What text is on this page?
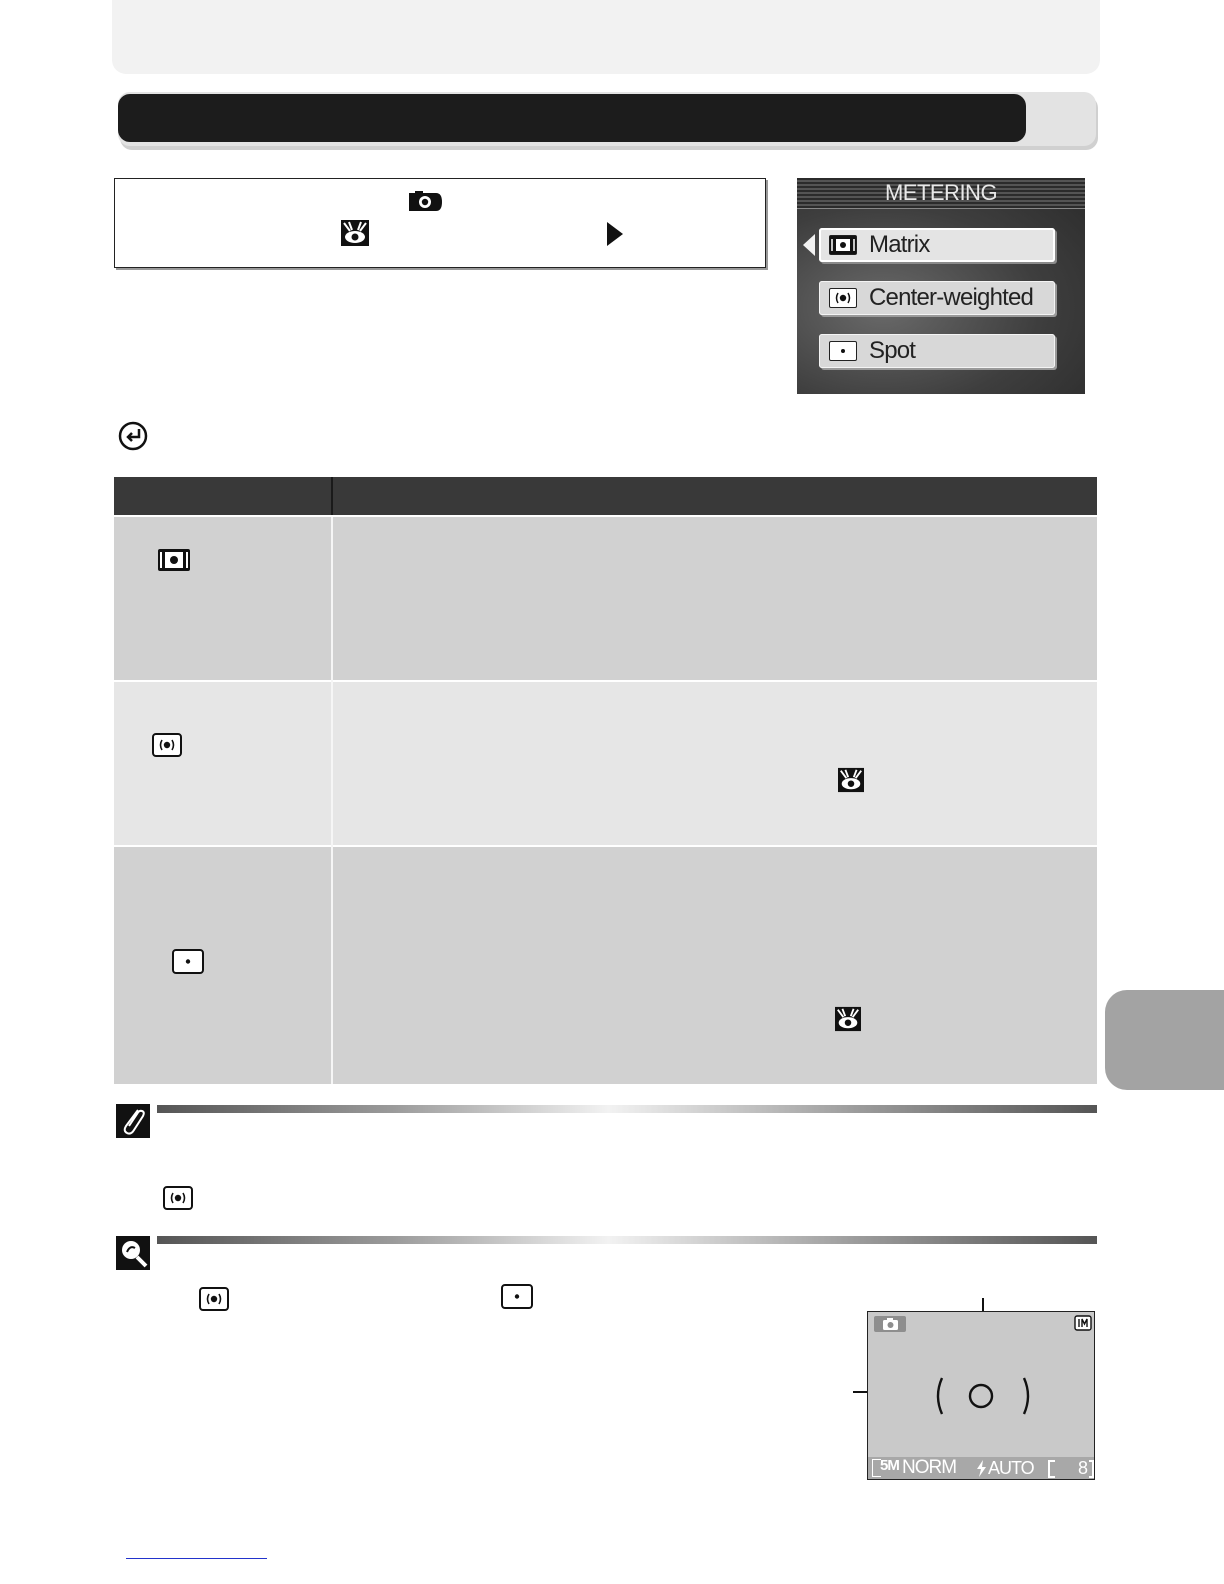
METERING
Matrix
Center-weighted
Spot
5M NORM AUTO 8
